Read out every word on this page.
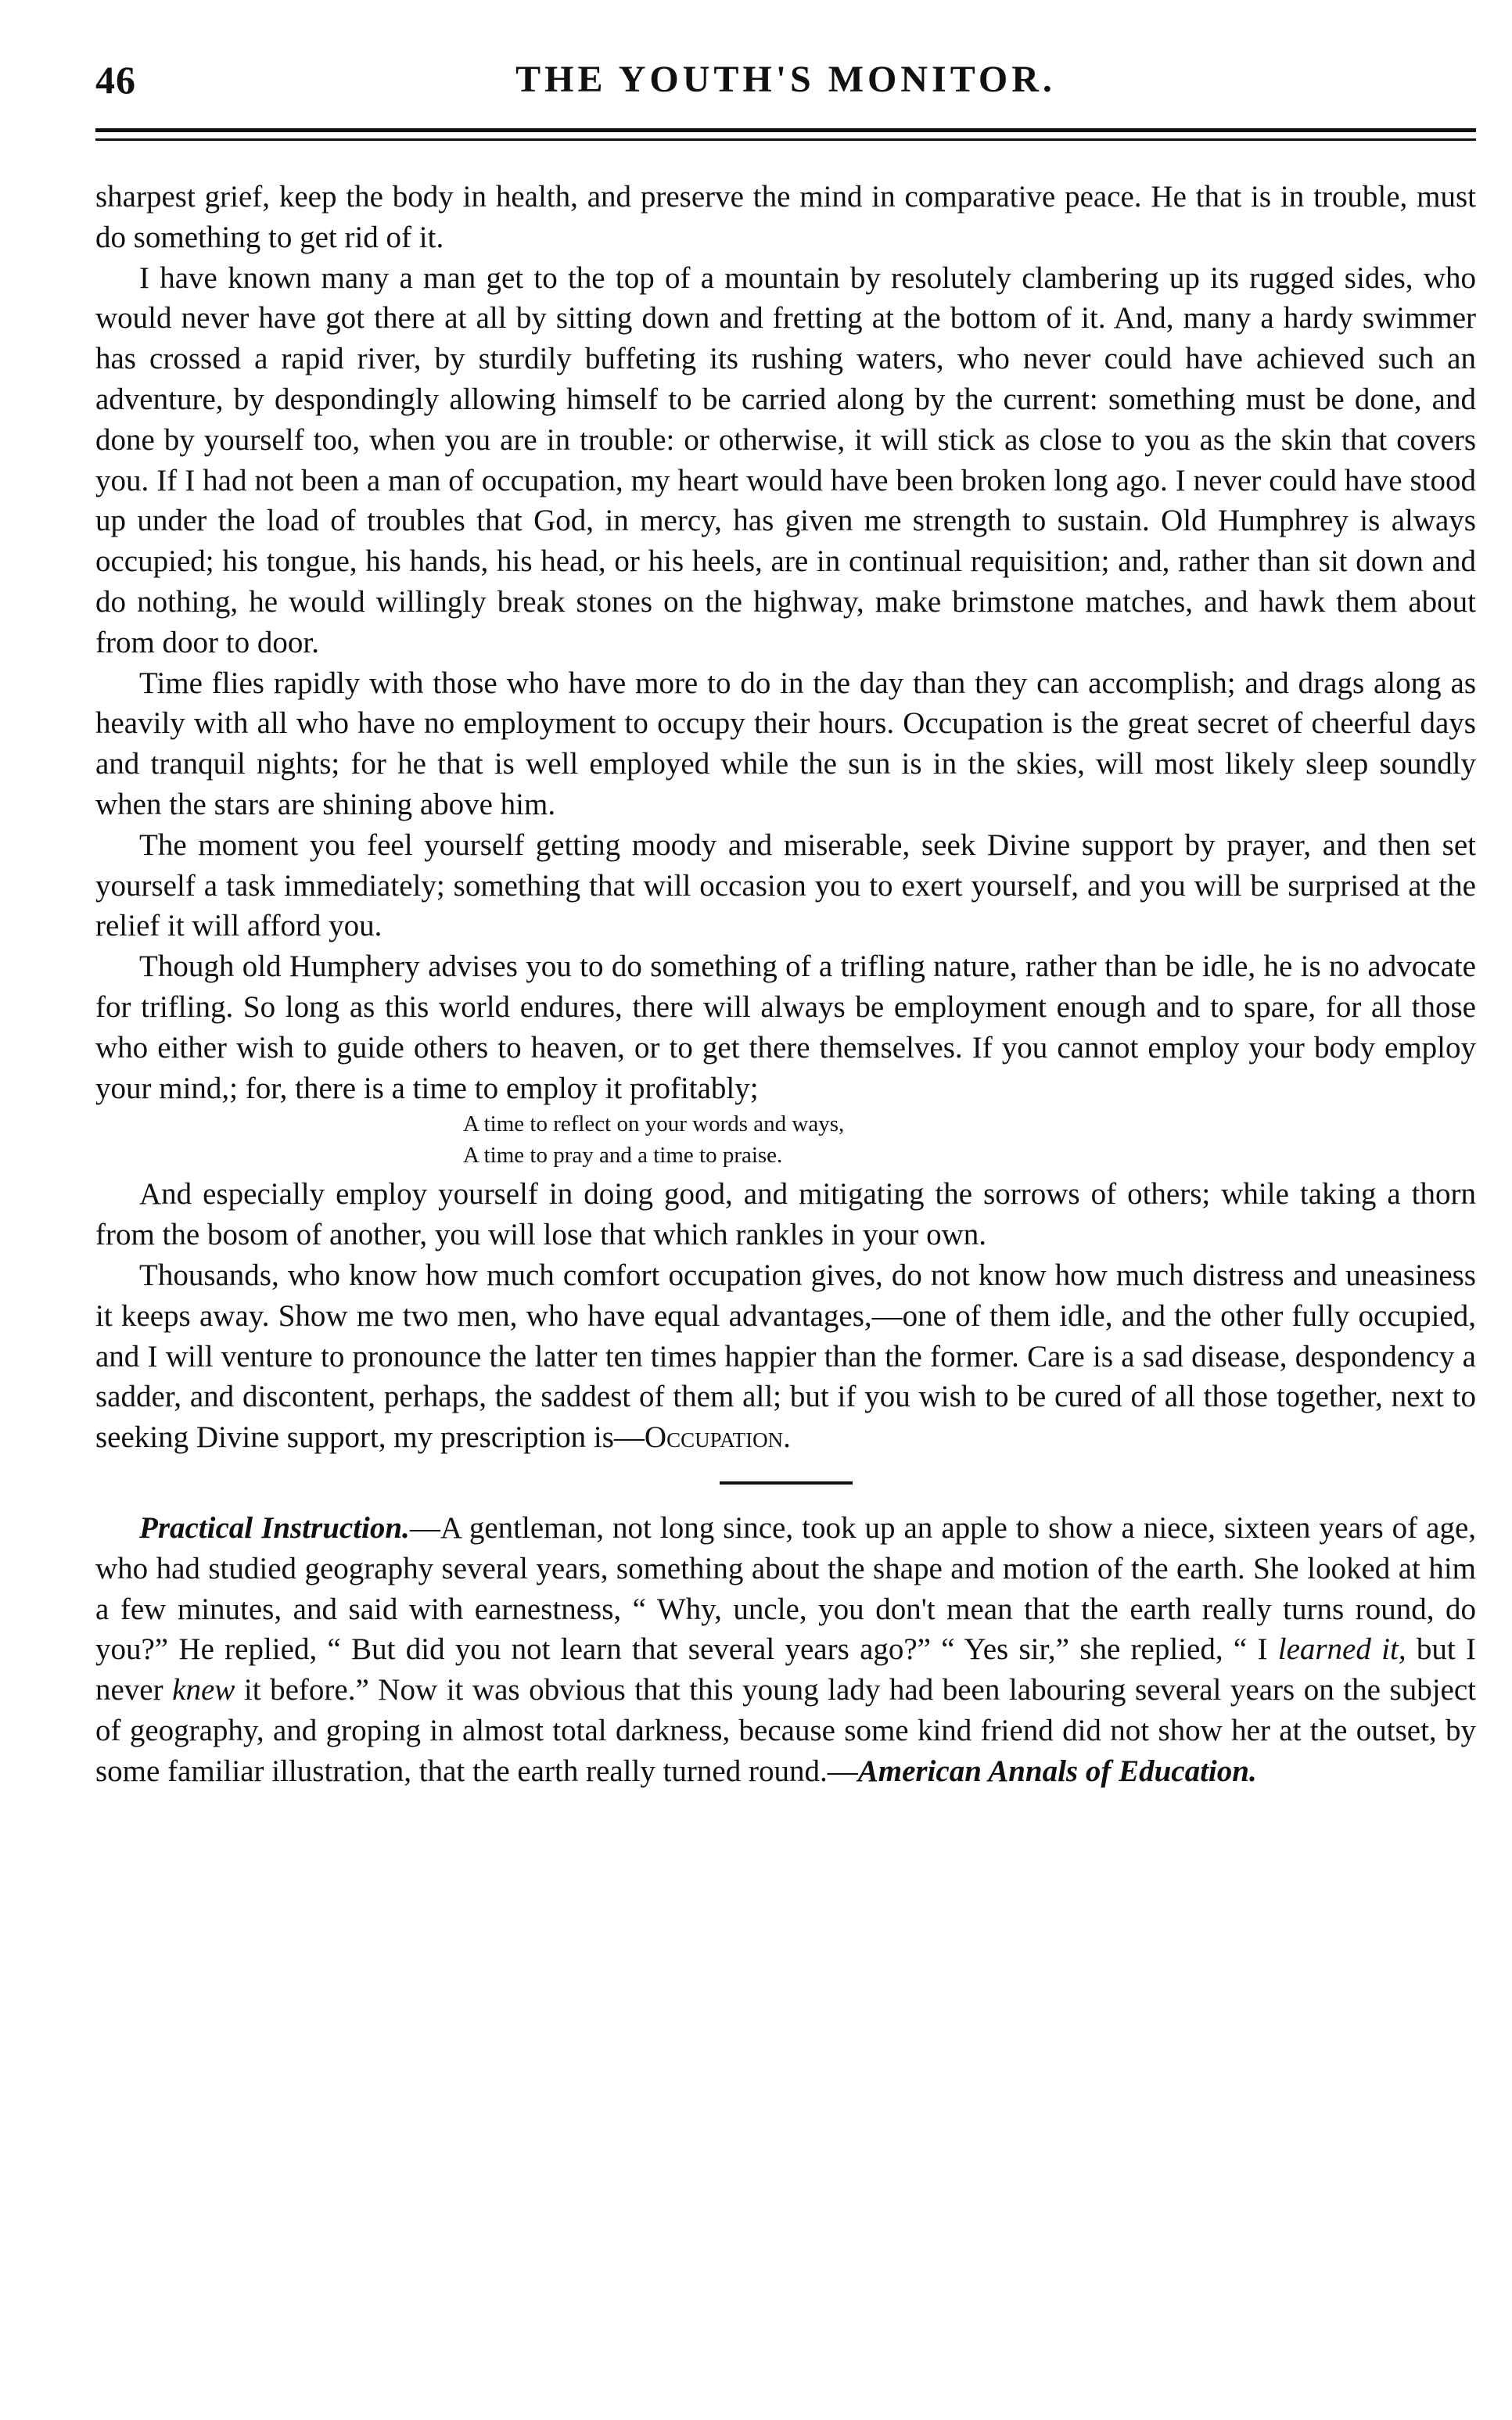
46	THE YOUTH'S MONITOR.

sharpest grief, keep the body in health, and preserve the mind in comparative peace. He that is in trouble, must do something to get rid of it.

I have known many a man get to the top of a mountain by resolutely clambering up its rugged sides, who would never have got there at all by sitting down and fretting at the bottom of it. And, many a hardy swimmer has crossed a rapid river, by sturdily buffeting its rushing waters, who never could have achieved such an adventure, by despondingly allowing himself to be carried along by the current: something must be done, and done by yourself too, when you are in trouble: or otherwise, it will stick as close to you as the skin that covers you. If I had not been a man of occupation, my heart would have been broken long ago. I never could have stood up under the load of troubles that God, in mercy, has given me strength to sustain. Old Humphrey is always occupied; his tongue, his hands, his head, or his heels, are in continual requisition; and, rather than sit down and do nothing, he would willingly break stones on the highway, make brimstone matches, and hawk them about from door to door.

Time flies rapidly with those who have more to do in the day than they can accomplish; and drags along as heavily with all who have no employment to occupy their hours. Occupation is the great secret of cheerful days and tranquil nights; for he that is well employed while the sun is in the skies, will most likely sleep soundly when the stars are shining above him.

The moment you feel yourself getting moody and miserable, seek Divine support by prayer, and then set yourself a task immediately; something that will occasion you to exert yourself, and you will be surprised at the relief it will afford you.

Though old Humphery advises you to do something of a trifling nature, rather than be idle, he is no advocate for trifling. So long as this world endures, there will always be employment enough and to spare, for all those who either wish to guide others to heaven, or to get there themselves. If you cannot employ your body employ your mind,; for, there is a time to employ it profitably;

A time to reflect on your words and ways,
A time to pray and a time to praise.

And especially employ yourself in doing good, and mitigating the sorrows of others; while taking a thorn from the bosom of another, you will lose that which rankles in your own.

Thousands, who know how much comfort occupation gives, do not know how much distress and uneasiness it keeps away. Show me two men, who have equal advantages,—one of them idle, and the other fully occupied, and I will venture to pronounce the latter ten times happier than the former. Care is a sad disease, despondency a sadder, and discontent, perhaps, the saddest of them all; but if you wish to be cured of all those together, next to seeking Divine support, my prescription is—Occupation.

Practical Instruction.—A gentleman, not long since, took up an apple to show a niece, sixteen years of age, who had studied geography several years, something about the shape and motion of the earth. She looked at him a few minutes, and said with earnestness, “ Why, uncle, you don't mean that the earth really turns round, do you?” He replied, “ But did you not learn that several years ago?” “ Yes sir,” she replied, “ I learned it, but I never knew it before.” Now it was obvious that this young lady had been labouring several years on the subject of geography, and groping in almost total darkness, because some kind friend did not show her at the outset, by some familiar illustration, that the earth really turned round.—American Annals of Education.
